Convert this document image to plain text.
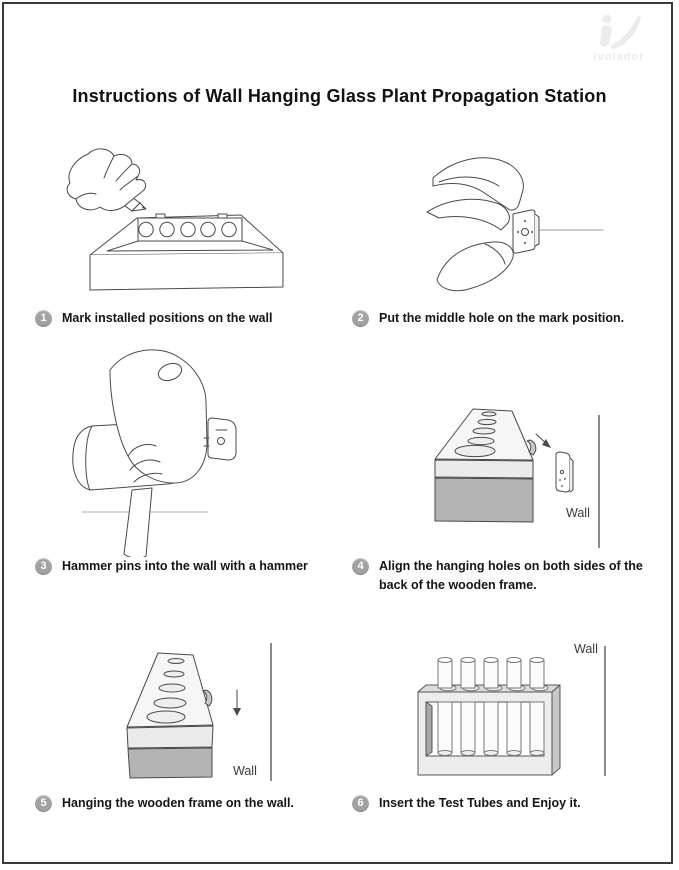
ivolador
Instructions of Wall Hanging Glass Plant Propagation Station
1	Mark installed positions on the wall	2	Put the middle hole on the mark position.
Wall
3	Hammer pins into the wall with a hammer	4	Align the hanging holes on both sides of the back of the wooden frame.
Wall
Wall
5	Hanging the wooden frame on the wall.	6	Insert the Test Tubes and Enjoy it.
